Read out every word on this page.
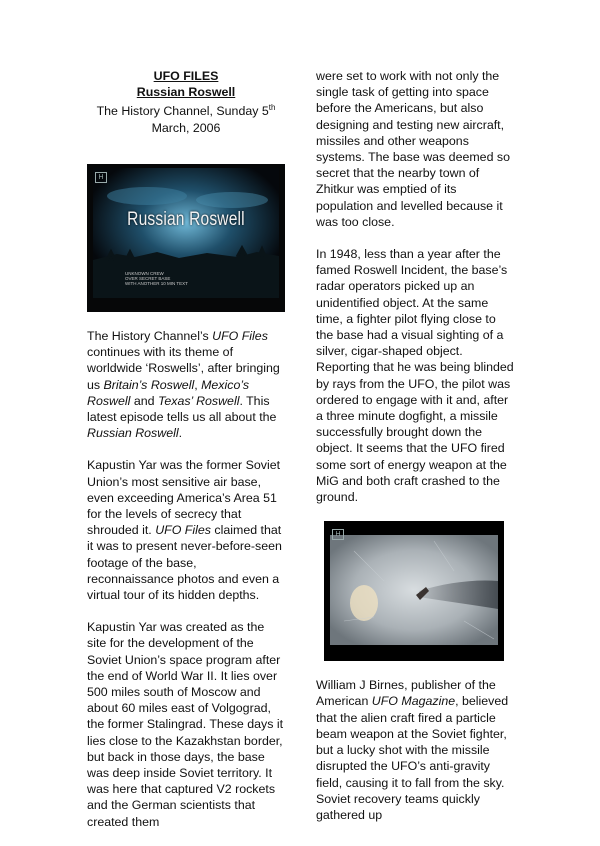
UFO FILES
Russian Roswell
The History Channel, Sunday 5th
March, 2006
H
Russian Roswell
UNKNOWN CREW
OVER SECRET BASE
WITH ANOTHER 10 MIN TEXT

The History Channel’s UFO Files continues with its theme of worldwide ‘Roswells’, after bringing us Britain’s Roswell, Mexico’s Roswell and Texas’ Roswell. This latest episode tells us all about the Russian Roswell.

Kapustin Yar was the former Soviet Union’s most sensitive air base, even exceeding America’s Area 51 for the levels of secrecy that shrouded it. UFO Files claimed that it was to present never-before-seen footage of the base, reconnaissance photos and even a virtual tour of its hidden depths.

Kapustin Yar was created as the site for the development of the Soviet Union’s space program after the end of World War II. It lies over 500 miles south of Moscow and about 60 miles east of Volgograd, the former Stalingrad. These days it lies close to the Kazakhstan border, but back in those days, the base was deep inside Soviet territory. It was here that captured V2 rockets and the German scientists that created them

were set to work with not only the single task of getting into space before the Americans, but also designing and testing new aircraft, missiles and other weapons systems. The base was deemed so secret that the nearby town of Zhitkur was emptied of its population and levelled because it was too close.

In 1948, less than a year after the famed Roswell Incident, the base’s radar operators picked up an unidentified object. At the same time, a fighter pilot flying close to the base had a visual sighting of a silver, cigar-shaped object. Reporting that he was being blinded by rays from the UFO, the pilot was ordered to engage with it and, after a three minute dogfight, a missile successfully brought down the object. It seems that the UFO fired some sort of energy weapon at the MiG and both craft crashed to the ground.

H

William J Birnes, publisher of the American UFO Magazine, believed that the alien craft fired a particle beam weapon at the Soviet fighter, but a lucky shot with the missile disrupted the UFO’s anti-gravity field, causing it to fall from the sky. Soviet recovery teams quickly gathered up
